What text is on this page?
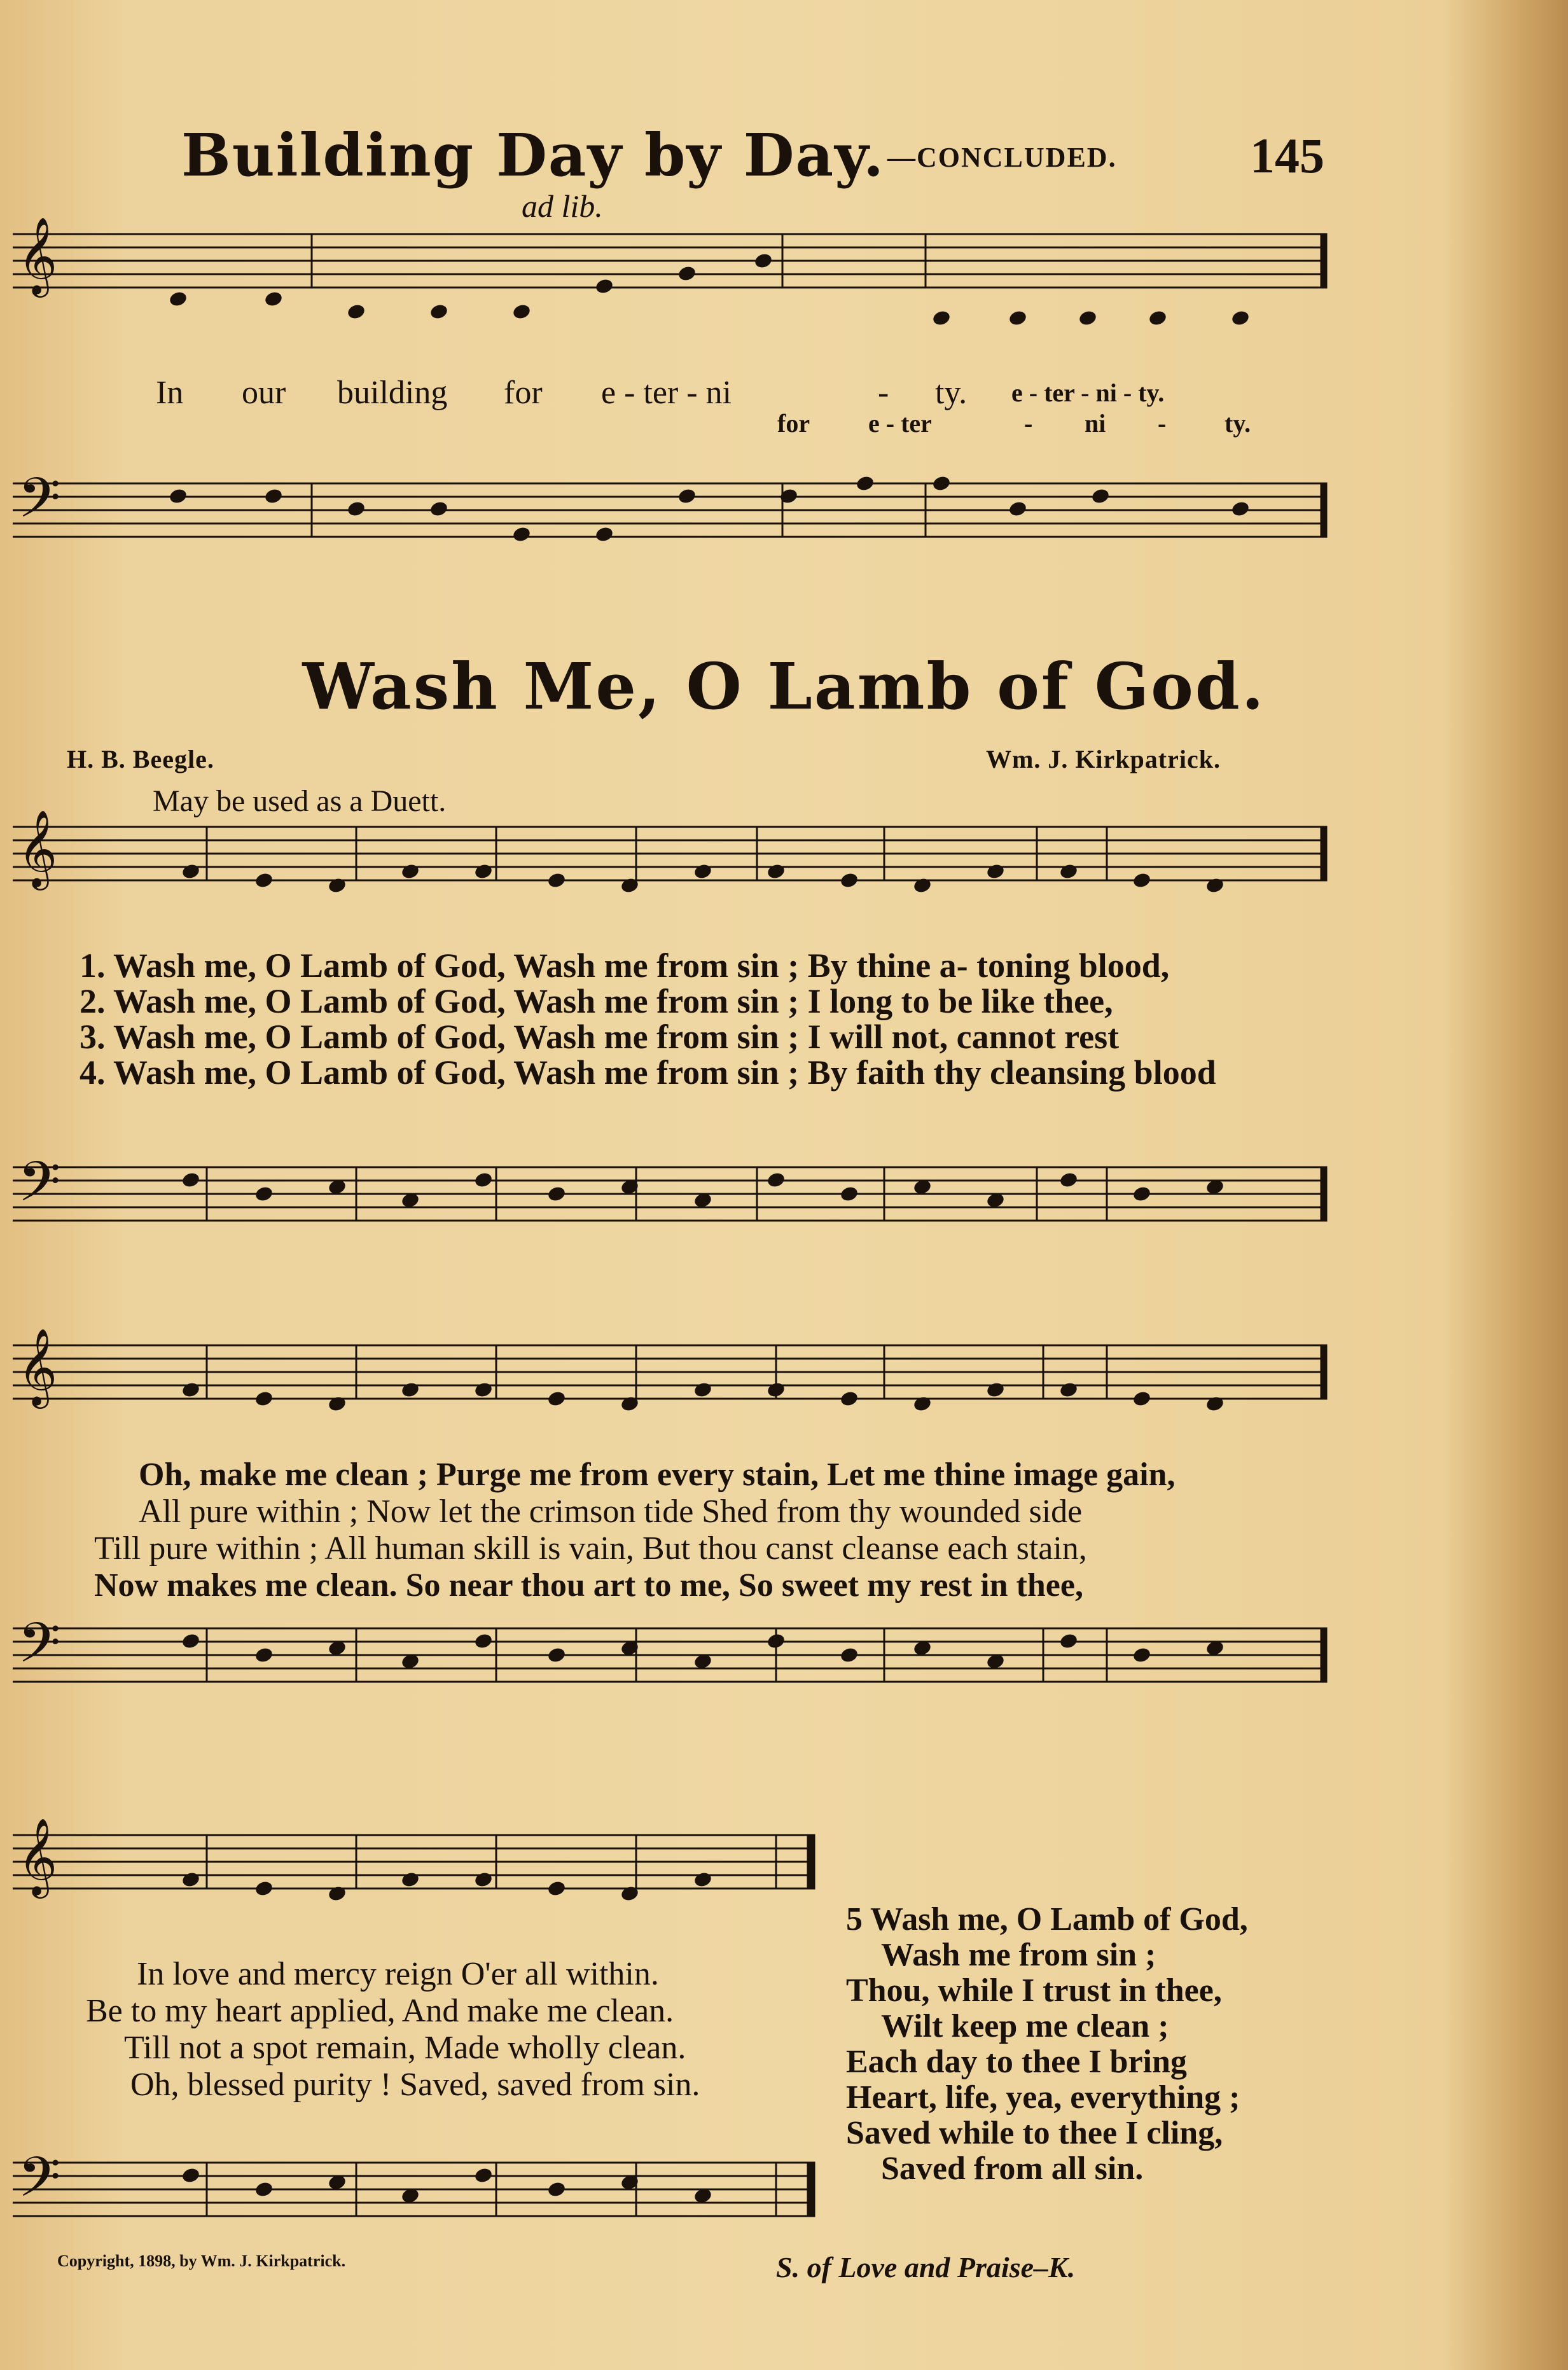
Building Day by Day. —CONCLUDED.	145
ad lib.
𝄞
𝄢
𝄞
𝄢
𝄞
𝄢
𝄞
𝄢
In our building for e - ter - ni	- ty. e - ter - ni - ty.
for e - ter	- ni - ty.
Wash Me, O Lamb of God.
H. B. Beegle.	Wm. J. Kirkpatrick.
May be used as a Duett.
1. Wash me, O Lamb of God, Wash me from sin ; By thine a- toning blood,
2. Wash me, O Lamb of God, Wash me from sin ; I long to be like thee,
3. Wash me, O Lamb of God, Wash me from sin ; I will not, cannot rest
4. Wash me, O Lamb of God, Wash me from sin ; By faith thy cleansing blood
Oh, make me clean ; Purge me from every stain, Let me thine image gain,
All pure within ; Now let the crimson tide Shed from thy wounded side
Till pure within ; All human skill is vain, But thou canst cleanse each stain,
Now makes me clean. So near thou art to me, So sweet my rest in thee,
In love and mercy reign O'er all within.
Be to my heart applied, And make me clean.
Till not a spot remain, Made wholly clean.
Oh, blessed purity ! Saved, saved from sin.
5 Wash me, O Lamb of God,
Wash me from sin ;
Thou, while I trust in thee,
Wilt keep me clean ;
Each day to thee I bring
Heart, life, yea, everything ;
Saved while to thee I cling,
Saved from all sin.
Copyright, 1898, by Wm. J. Kirkpatrick.	S. of Love and Praise–K.
